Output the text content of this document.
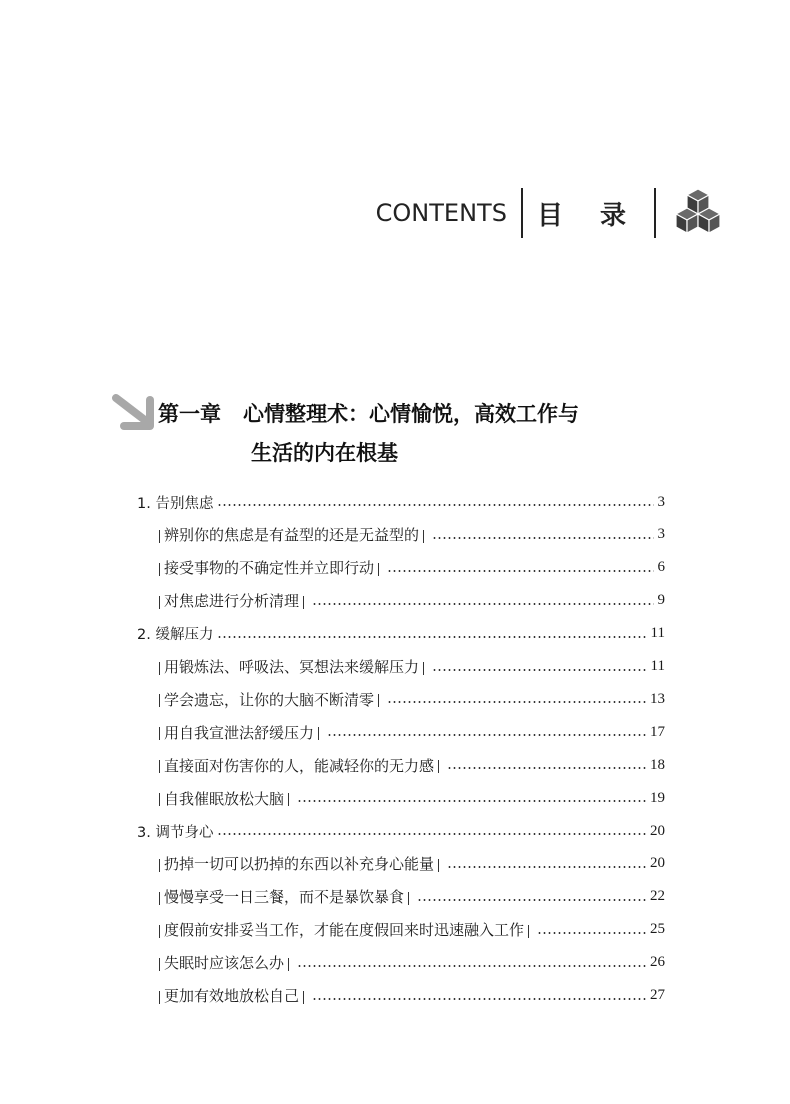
CONTENTS 目 录
第一章 心情整理术：心情愉悦，高效工作与
生活的内在根基
1. 告别焦虑	3
辨别你的焦虑是有益型的还是无益型的	3
接受事物的不确定性并立即行动	6
对焦虑进行分析清理	9
2. 缓解压力	11
用锻炼法、呼吸法、冥想法来缓解压力	11
学会遗忘，让你的大脑不断清零	13
用自我宣泄法舒缓压力	17
直接面对伤害你的人，能减轻你的无力感	18
自我催眠放松大脑	19
3. 调节身心	20
扔掉一切可以扔掉的东西以补充身心能量	20
慢慢享受一日三餐，而不是暴饮暴食	22
度假前安排妥当工作，才能在度假回来时迅速融入工作	25
失眠时应该怎么办	26
更加有效地放松自己	27
